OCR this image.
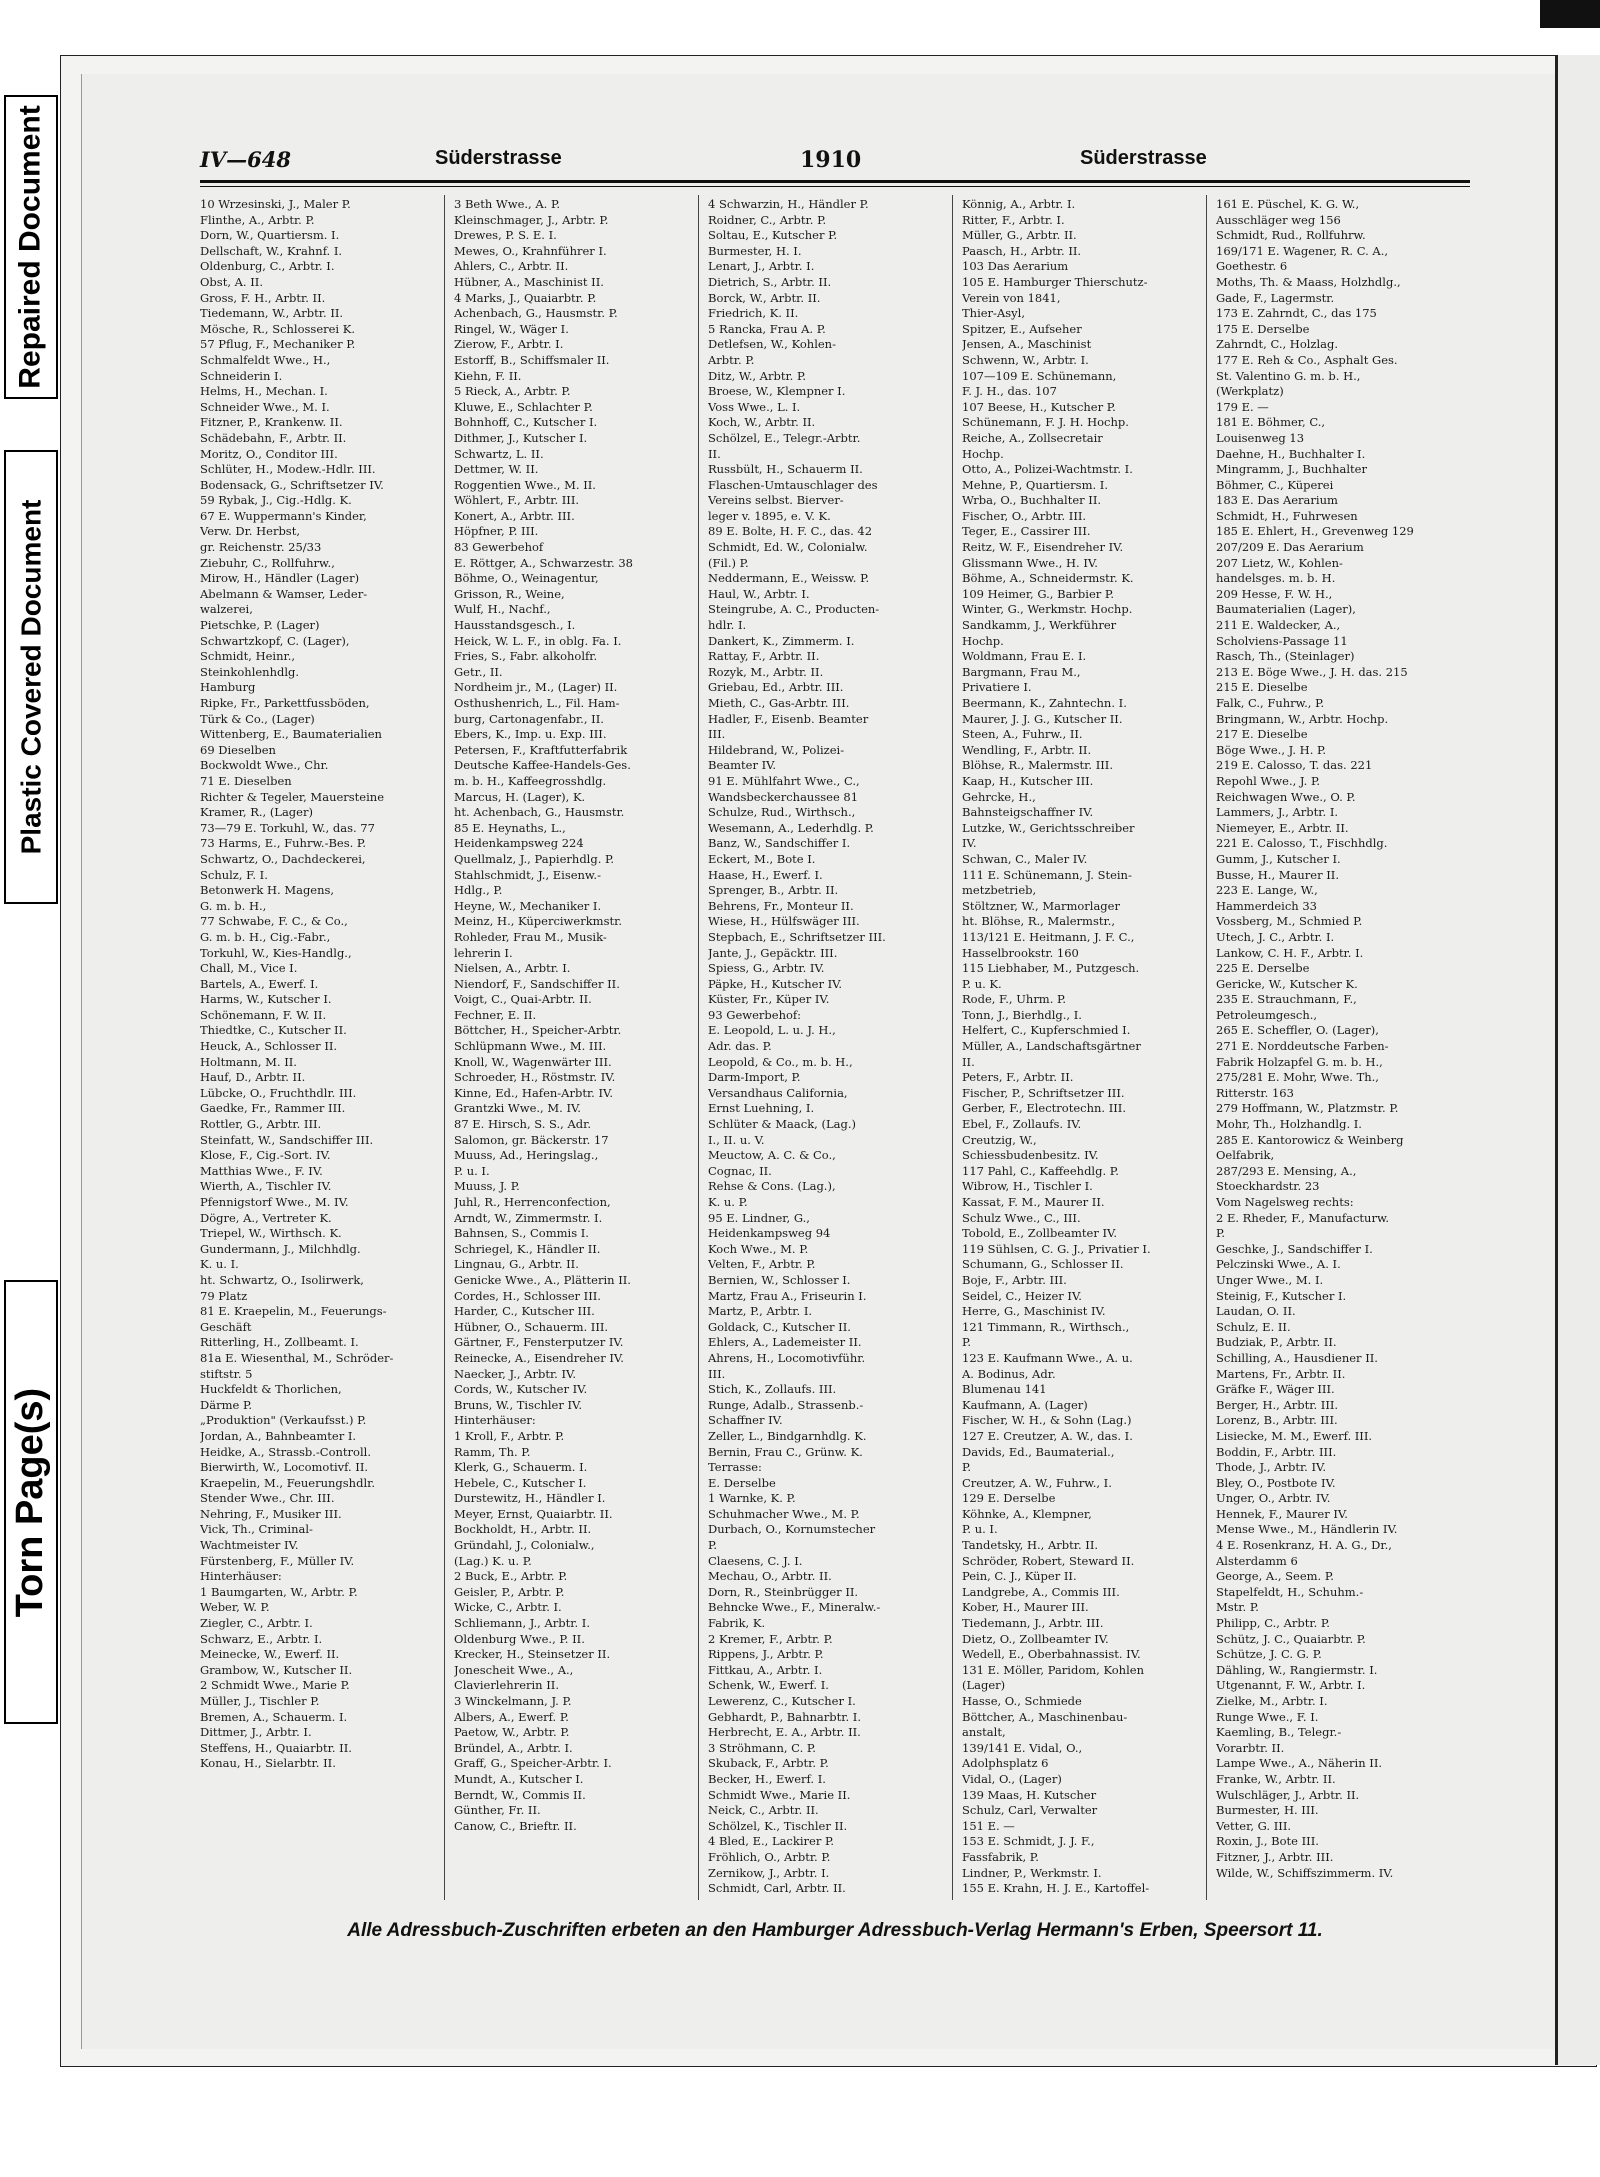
Repaired Document
Plastic Covered Document
Torn Page(s)
IV—648	Süderstrasse	1910	Süderstrasse
10 Wrzesinski, J., Maler P.
Flinthe, A., Arbtr. P.
Dorn, W., Quartiersm. I.
Dellschaft, W., Krahnf. I.
Oldenburg, C., Arbtr. I.
Obst, A. II.
Gross, F. H., Arbtr. II.
Tiedemann, W., Arbtr. II.
Mösche, R., Schlosserei K.
57 Pflug, F., Mechaniker P.
Schmalfeldt Wwe., H.,
Schneiderin I.
Helms, H., Mechan. I.
Schneider Wwe., M. I.
Fitzner, P., Krankenw. II.
Schädebahn, F., Arbtr. II.
Moritz, O., Conditor III.
Schlüter, H., Modew.-Hdlr. III.
Bodensack, G., Schriftsetzer IV.
59 Rybak, J., Cig.-Hdlg. K.
67 E. Wuppermann's Kinder,
Verw. Dr. Herbst,
gr. Reichenstr. 25/33
Ziebuhr, C., Rollfuhrw.,
Mirow, H., Händler (Lager)
Abelmann & Wamser, Leder-
walzerei,
Pietschke, P. (Lager)
Schwartzkopf, C. (Lager),
Schmidt, Heinr.,
Steinkohlenhdlg.
Hamburg
Ripke, Fr., Parkettfussböden,
Türk & Co., (Lager)
Wittenberg, E., Baumaterialien
69 Dieselben
Bockwoldt Wwe., Chr.
71 E. Dieselben
Richter & Tegeler, Mauersteine
Kramer, R., (Lager)
73—79 E. Torkuhl, W., das. 77
73 Harms, E., Fuhrw.-Bes. P.
Schwartz, O., Dachdeckerei,
Schulz, F. I.
Betonwerk H. Magens,
G. m. b. H.,
77 Schwabe, F. C., & Co.,
G. m. b. H., Cig.-Fabr.,
Torkuhl, W., Kies-Handlg.,
Chall, M., Vice I.
Bartels, A., Ewerf. I.
Harms, W., Kutscher I.
Schönemann, F. W. II.
Thiedtke, C., Kutscher II.
Heuck, A., Schlosser II.
Holtmann, M. II.
Hauf, D., Arbtr. II.
Lübcke, O., Fruchthdlr. III.
Gaedke, Fr., Rammer III.
Rottler, G., Arbtr. III.
Steinfatt, W., Sandschiffer III.
Klose, F., Cig.-Sort. IV.
Matthias Wwe., F. IV.
Wierth, A., Tischler IV.
Pfennigstorf Wwe., M. IV.
Dögre, A., Vertreter K.
Triepel, W., Wirthsch. K.
Gundermann, J., Milchhdlg.
K. u. I.
ht. Schwartz, O., Isolirwerk,
79 Platz
81 E. Kraepelin, M., Feuerungs-
Geschäft
Ritterling, H., Zollbeamt. I.
81a E. Wiesenthal, M., Schröder-
stiftstr. 5
Huckfeldt & Thorlichen,
Därme P.
„Produktion" (Verkaufsst.) P.
Jordan, A., Bahnbeamter I.
Heidke, A., Strassb.-Controll.
Bierwirth, W., Locomotivf. II.
Kraepelin, M., Feuerungshdlr.
Stender Wwe., Chr. III.
Nehring, F., Musiker III.
Vick, Th., Criminal-
Wachtmeister IV.
Fürstenberg, F., Müller IV.
Hinterhäuser:
1 Baumgarten, W., Arbtr. P.
Weber, W. P.
Ziegler, C., Arbtr. I.
Schwarz, E., Arbtr. I.
Meinecke, W., Ewerf. II.
Grambow, W., Kutscher II.
2 Schmidt Wwe., Marie P.
Müller, J., Tischler P.
Bremen, A., Schauerm. I.
Dittmer, J., Arbtr. I.
Steffens, H., Quaiarbtr. II.
Konau, H., Sielarbtr. II.
3 Beth Wwe., A. P.
Kleinschmager, J., Arbtr. P.
Drewes, P. S. E. I.
Mewes, O., Krahnführer I.
Ahlers, C., Arbtr. II.
Hübner, A., Maschinist II.
4 Marks, J., Quaiarbtr. P.
Achenbach, G., Hausmstr. P.
Ringel, W., Wäger I.
Zierow, F., Arbtr. I.
Estorff, B., Schiffsmaler II.
Kiehn, F. II.
5 Rieck, A., Arbtr. P.
Kluwe, E., Schlachter P.
Bohnhoff, C., Kutscher I.
Dithmer, J., Kutscher I.
Schwartz, L. II.
Dettmer, W. II.
Roggentien Wwe., M. II.
Wöhlert, F., Arbtr. III.
Konert, A., Arbtr. III.
Höpfner, P. III.
83 Gewerbehof
E. Röttger, A., Schwarzestr. 38
Böhme, O., Weinagentur,
Grisson, R., Weine,
Wulf, H., Nachf.,
Hausstandsgesch., I.
Heick, W. L. F., in oblg. Fa. I.
Fries, S., Fabr. alkoholfr.
Getr., II.
Nordheim jr., M., (Lager) II.
Osthushenrich, L., Fil. Ham-
burg, Cartonagenfabr., II.
Ebers, K., Imp. u. Exp. III.
Petersen, F., Kraftfutterfabrik
Deutsche Kaffee-Handels-Ges.
m. b. H., Kaffeegrosshdlg.
Marcus, H. (Lager), K.
ht. Achenbach, G., Hausmstr.
85 E. Heynaths, L.,
Heidenkampsweg 224
Quellmalz, J., Papierhdlg. P.
Stahlschmidt, J., Eisenw.-
Hdlg., P.
Heyne, W., Mechaniker I.
Meinz, H., Küperciwerkmstr.
Rohleder, Frau M., Musik-
lehrerin I.
Nielsen, A., Arbtr. I.
Niendorf, F., Sandschiffer II.
Voigt, C., Quai-Arbtr. II.
Fechner, E. II.
Böttcher, H., Speicher-Arbtr.
Schlüpmann Wwe., M. III.
Knoll, W., Wagenwärter III.
Schroeder, H., Röstmstr. IV.
Kinne, Ed., Hafen-Arbtr. IV.
Grantzki Wwe., M. IV.
87 E. Hirsch, S. S., Adr.
Salomon, gr. Bäckerstr. 17
Muuss, Ad., Heringslag.,
P. u. I.
Muuss, J. P.
Juhl, R., Herrenconfection,
Arndt, W., Zimmermstr. I.
Bahnsen, S., Commis I.
Schriegel, K., Händler II.
Lingnau, G., Arbtr. II.
Genicke Wwe., A., Plätterin II.
Cordes, H., Schlosser III.
Harder, C., Kutscher III.
Hübner, O., Schauerm. III.
Gärtner, F., Fensterputzer IV.
Reinecke, A., Eisendreher IV.
Naecker, J., Arbtr. IV.
Cords, W., Kutscher IV.
Bruns, W., Tischler IV.
Hinterhäuser:
1 Kroll, F., Arbtr. P.
Ramm, Th. P.
Klerk, G., Schauerm. I.
Hebele, C., Kutscher I.
Durstewitz, H., Händler I.
Meyer, Ernst, Quaiarbtr. II.
Bockholdt, H., Arbtr. II.
Gründahl, J., Colonialw.,
(Lag.) K. u. P.
2 Buck, E., Arbtr. P.
Geisler, P., Arbtr. P.
Wicke, C., Arbtr. I.
Schliemann, J., Arbtr. I.
Oldenburg Wwe., P. II.
Krecker, H., Steinsetzer II.
Jonescheit Wwe., A.,
Clavierlehrerin II.
3 Winckelmann, J. P.
Albers, A., Ewerf. P.
Paetow, W., Arbtr. P.
Bründel, A., Arbtr. I.
Graff, G., Speicher-Arbtr. I.
Mundt, A., Kutscher I.
Berndt, W., Commis II.
Günther, Fr. II.
Canow, C., Brieftr. II.
4 Schwarzin, H., Händler P.
Roidner, C., Arbtr. P.
Soltau, E., Kutscher P.
Burmester, H. I.
Lenart, J., Arbtr. I.
Dietrich, S., Arbtr. II.
Borck, W., Arbtr. II.
Friedrich, K. II.
5 Rancka, Frau A. P.
Detlefsen, W., Kohlen-
Arbtr. P.
Ditz, W., Arbtr. P.
Broese, W., Klempner I.
Voss Wwe., L. I.
Koch, W., Arbtr. II.
Schölzel, E., Telegr.-Arbtr.
II.
Russbült, H., Schauerm II.
Flaschen-Umtauschlager des
Vereins selbst. Bierver-
leger v. 1895, e. V. K.
89 E. Bolte, H. F. C., das. 42
Schmidt, Ed. W., Colonialw.
(Fil.) P.
Neddermann, E., Weissw. P.
Haul, W., Arbtr. I.
Steingrube, A. C., Producten-
hdlr. I.
Dankert, K., Zimmerm. I.
Rattay, F., Arbtr. II.
Rozyk, M., Arbtr. II.
Griebau, Ed., Arbtr. III.
Mieth, C., Gas-Arbtr. III.
Hadler, F., Eisenb. Beamter
III.
Hildebrand, W., Polizei-
Beamter IV.
91 E. Mühlfahrt Wwe., C.,
Wandsbeckerchaussee 81
Schulze, Rud., Wirthsch.,
Wesemann, A., Lederhdlg. P.
Banz, W., Sandschiffer I.
Eckert, M., Bote I.
Haase, H., Ewerf. I.
Sprenger, B., Arbtr. II.
Behrens, Fr., Monteur II.
Wiese, H., Hülfswäger III.
Stepbach, E., Schriftsetzer III.
Jante, J., Gepäcktr. III.
Spiess, G., Arbtr. IV.
Päpke, H., Kutscher IV.
Küster, Fr., Küper IV.
93 Gewerbehof:
E. Leopold, L. u. J. H.,
Adr. das. P.
Leopold, & Co., m. b. H.,
Darm-Import, P.
Versandhaus California,
Ernst Luehning, I.
Schlüter & Maack, (Lag.)
I., II. u. V.
Meuctow, A. C. & Co.,
Cognac, II.
Rehse & Cons. (Lag.),
K. u. P.
95 E. Lindner, G.,
Heidenkampsweg 94
Koch Wwe., M. P.
Velten, F., Arbtr. P.
Bernien, W., Schlosser I.
Martz, Frau A., Friseurin I.
Martz, P., Arbtr. I.
Goldack, C., Kutscher II.
Ehlers, A., Lademeister II.
Ahrens, H., Locomotivführ.
III.
Stich, K., Zollaufs. III.
Runge, Adalb., Strassenb.-
Schaffner IV.
Zeller, L., Bindgarnhdlg. K.
Bernin, Frau C., Grünw. K.
Terrasse:
E. Derselbe
1 Warnke, K. P.
Schuhmacher Wwe., M. P.
Durbach, O., Kornumstecher
P.
Claesens, C. J. I.
Mechau, O., Arbtr. II.
Dorn, R., Steinbrügger II.
Behncke Wwe., F., Mineralw.-
Fabrik, K.
2 Kremer, F., Arbtr. P.
Rippens, J., Arbtr. P.
Fittkau, A., Arbtr. I.
Schenk, W., Ewerf. I.
Lewerenz, C., Kutscher I.
Gebhardt, P., Bahnarbtr. I.
Herbrecht, E. A., Arbtr. II.
3 Ströhmann, C. P.
Skuback, F., Arbtr. P.
Becker, H., Ewerf. I.
Schmidt Wwe., Marie II.
Neick, C., Arbtr. II.
Schölzel, K., Tischler II.
4 Bled, E., Lackirer P.
Fröhlich, O., Arbtr. P.
Zernikow, J., Arbtr. I.
Schmidt, Carl, Arbtr. II.
Könnig, A., Arbtr. I.
Ritter, F., Arbtr. I.
Müller, G., Arbtr. II.
Paasch, H., Arbtr. II.
103 Das Aerarium
105 E. Hamburger Thierschutz-
Verein von 1841,
Thier-Asyl,
Spitzer, E., Aufseher
Jensen, A., Maschinist
Schwenn, W., Arbtr. I.
107—109 E. Schünemann,
F. J. H., das. 107
107 Beese, H., Kutscher P.
Schünemann, F. J. H. Hochp.
Reiche, A., Zollsecretair
Hochp.
Otto, A., Polizei-Wachtmstr. I.
Mehne, P., Quartiersm. I.
Wrba, O., Buchhalter II.
Fischer, O., Arbtr. III.
Teger, E., Cassirer III.
Reitz, W. F., Eisendreher IV.
Glissmann Wwe., H. IV.
Böhme, A., Schneidermstr. K.
109 Heimer, G., Barbier P.
Winter, G., Werkmstr. Hochp.
Sandkamm, J., Werkführer
Hochp.
Woldmann, Frau E. I.
Bargmann, Frau M.,
Privatiere I.
Beermann, K., Zahntechn. I.
Maurer, J. J. G., Kutscher II.
Steen, A., Fuhrw., II.
Wendling, F., Arbtr. II.
Blöhse, R., Malermstr. III.
Kaap, H., Kutscher III.
Gehrcke, H.,
Bahnsteigschaffner IV.
Lutzke, W., Gerichtsschreiber
IV.
Schwan, C., Maler IV.
111 E. Schünemann, J. Stein-
metzbetrieb,
Stöltzner, W., Marmorlager
ht. Blöhse, R., Malermstr.,
113/121 E. Heitmann, J. F. C.,
Hasselbrookstr. 160
115 Liebhaber, M., Putzgesch.
P. u. K.
Rode, F., Uhrm. P.
Tonn, J., Bierhdlg., I.
Helfert, C., Kupferschmied I.
Müller, A., Landschaftsgärtner
II.
Peters, F., Arbtr. II.
Fischer, P., Schriftsetzer III.
Gerber, F., Electrotechn. III.
Ebel, F., Zollaufs. IV.
Creutzig, W.,
Schiessbudenbesitz. IV.
117 Pahl, C., Kaffeehdlg. P.
Wibrow, H., Tischler I.
Kassat, F. M., Maurer II.
Schulz Wwe., C., III.
Tobold, E., Zollbeamter IV.
119 Sühlsen, C. G. J., Privatier I.
Schumann, G., Schlosser II.
Boje, F., Arbtr. III.
Seidel, C., Heizer IV.
Herre, G., Maschinist IV.
121 Timmann, R., Wirthsch.,
P.
123 E. Kaufmann Wwe., A. u.
A. Bodinus, Adr.
Blumenau 141
Kaufmann, A. (Lager)
Fischer, W. H., & Sohn (Lag.)
127 E. Creutzer, A. W., das. I.
Davids, Ed., Baumaterial.,
P.
Creutzer, A. W., Fuhrw., I.
129 E. Derselbe
Köhnke, A., Klempner,
P. u. I.
Tandetsky, H., Arbtr. II.
Schröder, Robert, Steward II.
Pein, C. J., Küper II.
Landgrebe, A., Commis III.
Kober, H., Maurer III.
Tiedemann, J., Arbtr. III.
Dietz, O., Zollbeamter IV.
Wedell, E., Oberbahnassist. IV.
131 E. Möller, Paridom, Kohlen
(Lager)
Hasse, O., Schmiede
Böttcher, A., Maschinenbau-
anstalt,
139/141 E. Vidal, O.,
Adolphsplatz 6
Vidal, O., (Lager)
139 Maas, H. Kutscher
Schulz, Carl, Verwalter
151 E. —
153 E. Schmidt, J. J. F.,
Fassfabrik, P.
Lindner, P., Werkmstr. I.
155 E. Krahn, H. J. E., Kartoffel-
161 E. Püschel, K. G. W.,
Ausschläger weg 156
Schmidt, Rud., Rollfuhrw.
169/171 E. Wagener, R. C. A.,
Goethestr. 6
Moths, Th. & Maass, Holzhdlg.,
Gade, F., Lagermstr.
173 E. Zahrndt, C., das 175
175 E. Derselbe
Zahrndt, C., Holzlag.
177 E. Reh & Co., Asphalt Ges.
St. Valentino G. m. b. H.,
(Werkplatz)
179 E. —
181 E. Böhmer, C.,
Louisenweg 13
Daehne, H., Buchhalter I.
Mingramm, J., Buchhalter
Böhmer, C., Küperei
183 E. Das Aerarium
Schmidt, H., Fuhrwesen
185 E. Ehlert, H., Grevenweg 129
207/209 E. Das Aerarium
207 Lietz, W., Kohlen-
handelsges. m. b. H.
209 Hesse, F. W. H.,
Baumaterialien (Lager),
211 E. Waldecker, A.,
Scholviens-Passage 11
Rasch, Th., (Steinlager)
213 E. Böge Wwe., J. H. das. 215
215 E. Dieselbe
Falk, C., Fuhrw., P.
Bringmann, W., Arbtr. Hochp.
217 E. Dieselbe
Böge Wwe., J. H. P.
219 E. Calosso, T. das. 221
Repohl Wwe., J. P.
Reichwagen Wwe., O. P.
Lammers, J., Arbtr. I.
Niemeyer, E., Arbtr. II.
221 E. Calosso, T., Fischhdlg.
Gumm, J., Kutscher I.
Busse, H., Maurer II.
223 E. Lange, W.,
Hammerdeich 33
Vossberg, M., Schmied P.
Utech, J. C., Arbtr. I.
Lankow, C. H. F., Arbtr. I.
225 E. Derselbe
Gericke, W., Kutscher K.
235 E. Strauchmann, F.,
Petroleumgesch.,
265 E. Scheffler, O. (Lager),
271 E. Norddeutsche Farben-
Fabrik Holzapfel G. m. b. H.,
275/281 E. Mohr, Wwe. Th.,
Ritterstr. 163
279 Hoffmann, W., Platzmstr. P.
Mohr, Th., Holzhandlg. I.
285 E. Kantorowicz & Weinberg
Oelfabrik,
287/293 E. Mensing, A.,
Stoeckhardstr. 23
Vom Nagelsweg rechts:
2 E. Rheder, F., Manufacturw.
P.
Geschke, J., Sandschiffer I.
Pelczinski Wwe., A. I.
Unger Wwe., M. I.
Steinig, F., Kutscher I.
Laudan, O. II.
Schulz, E. II.
Budziak, P., Arbtr. II.
Schilling, A., Hausdiener II.
Martens, Fr., Arbtr. II.
Gräfke F., Wäger III.
Berger, H., Arbtr. III.
Lorenz, B., Arbtr. III.
Lisiecke, M. M., Ewerf. III.
Boddin, F., Arbtr. III.
Thode, J., Arbtr. IV.
Bley, O., Postbote IV.
Unger, O., Arbtr. IV.
Hennek, F., Maurer IV.
Mense Wwe., M., Händlerin IV.
4 E. Rosenkranz, H. A. G., Dr.,
Alsterdamm 6
George, A., Seem. P.
Stapelfeldt, H., Schuhm.-
Mstr. P.
Philipp, C., Arbtr. P.
Schütz, J. C., Quaiarbtr. P.
Schütze, J. C. G. P.
Dähling, W., Rangiermstr. I.
Utgenannt, F. W., Arbtr. I.
Zielke, M., Arbtr. I.
Runge Wwe., F. I.
Kaemling, B., Telegr.-
Vorarbtr. II.
Lampe Wwe., A., Näherin II.
Franke, W., Arbtr. II.
Wulschläger, J., Arbtr. II.
Burmester, H. III.
Vetter, G. III.
Roxin, J., Bote III.
Fitzner, J., Arbtr. III.
Wilde, W., Schiffszimmerm. IV.
Alle Adressbuch-Zuschriften erbeten an den Hamburger Adressbuch-Verlag Hermann's Erben, Speersort 11.
